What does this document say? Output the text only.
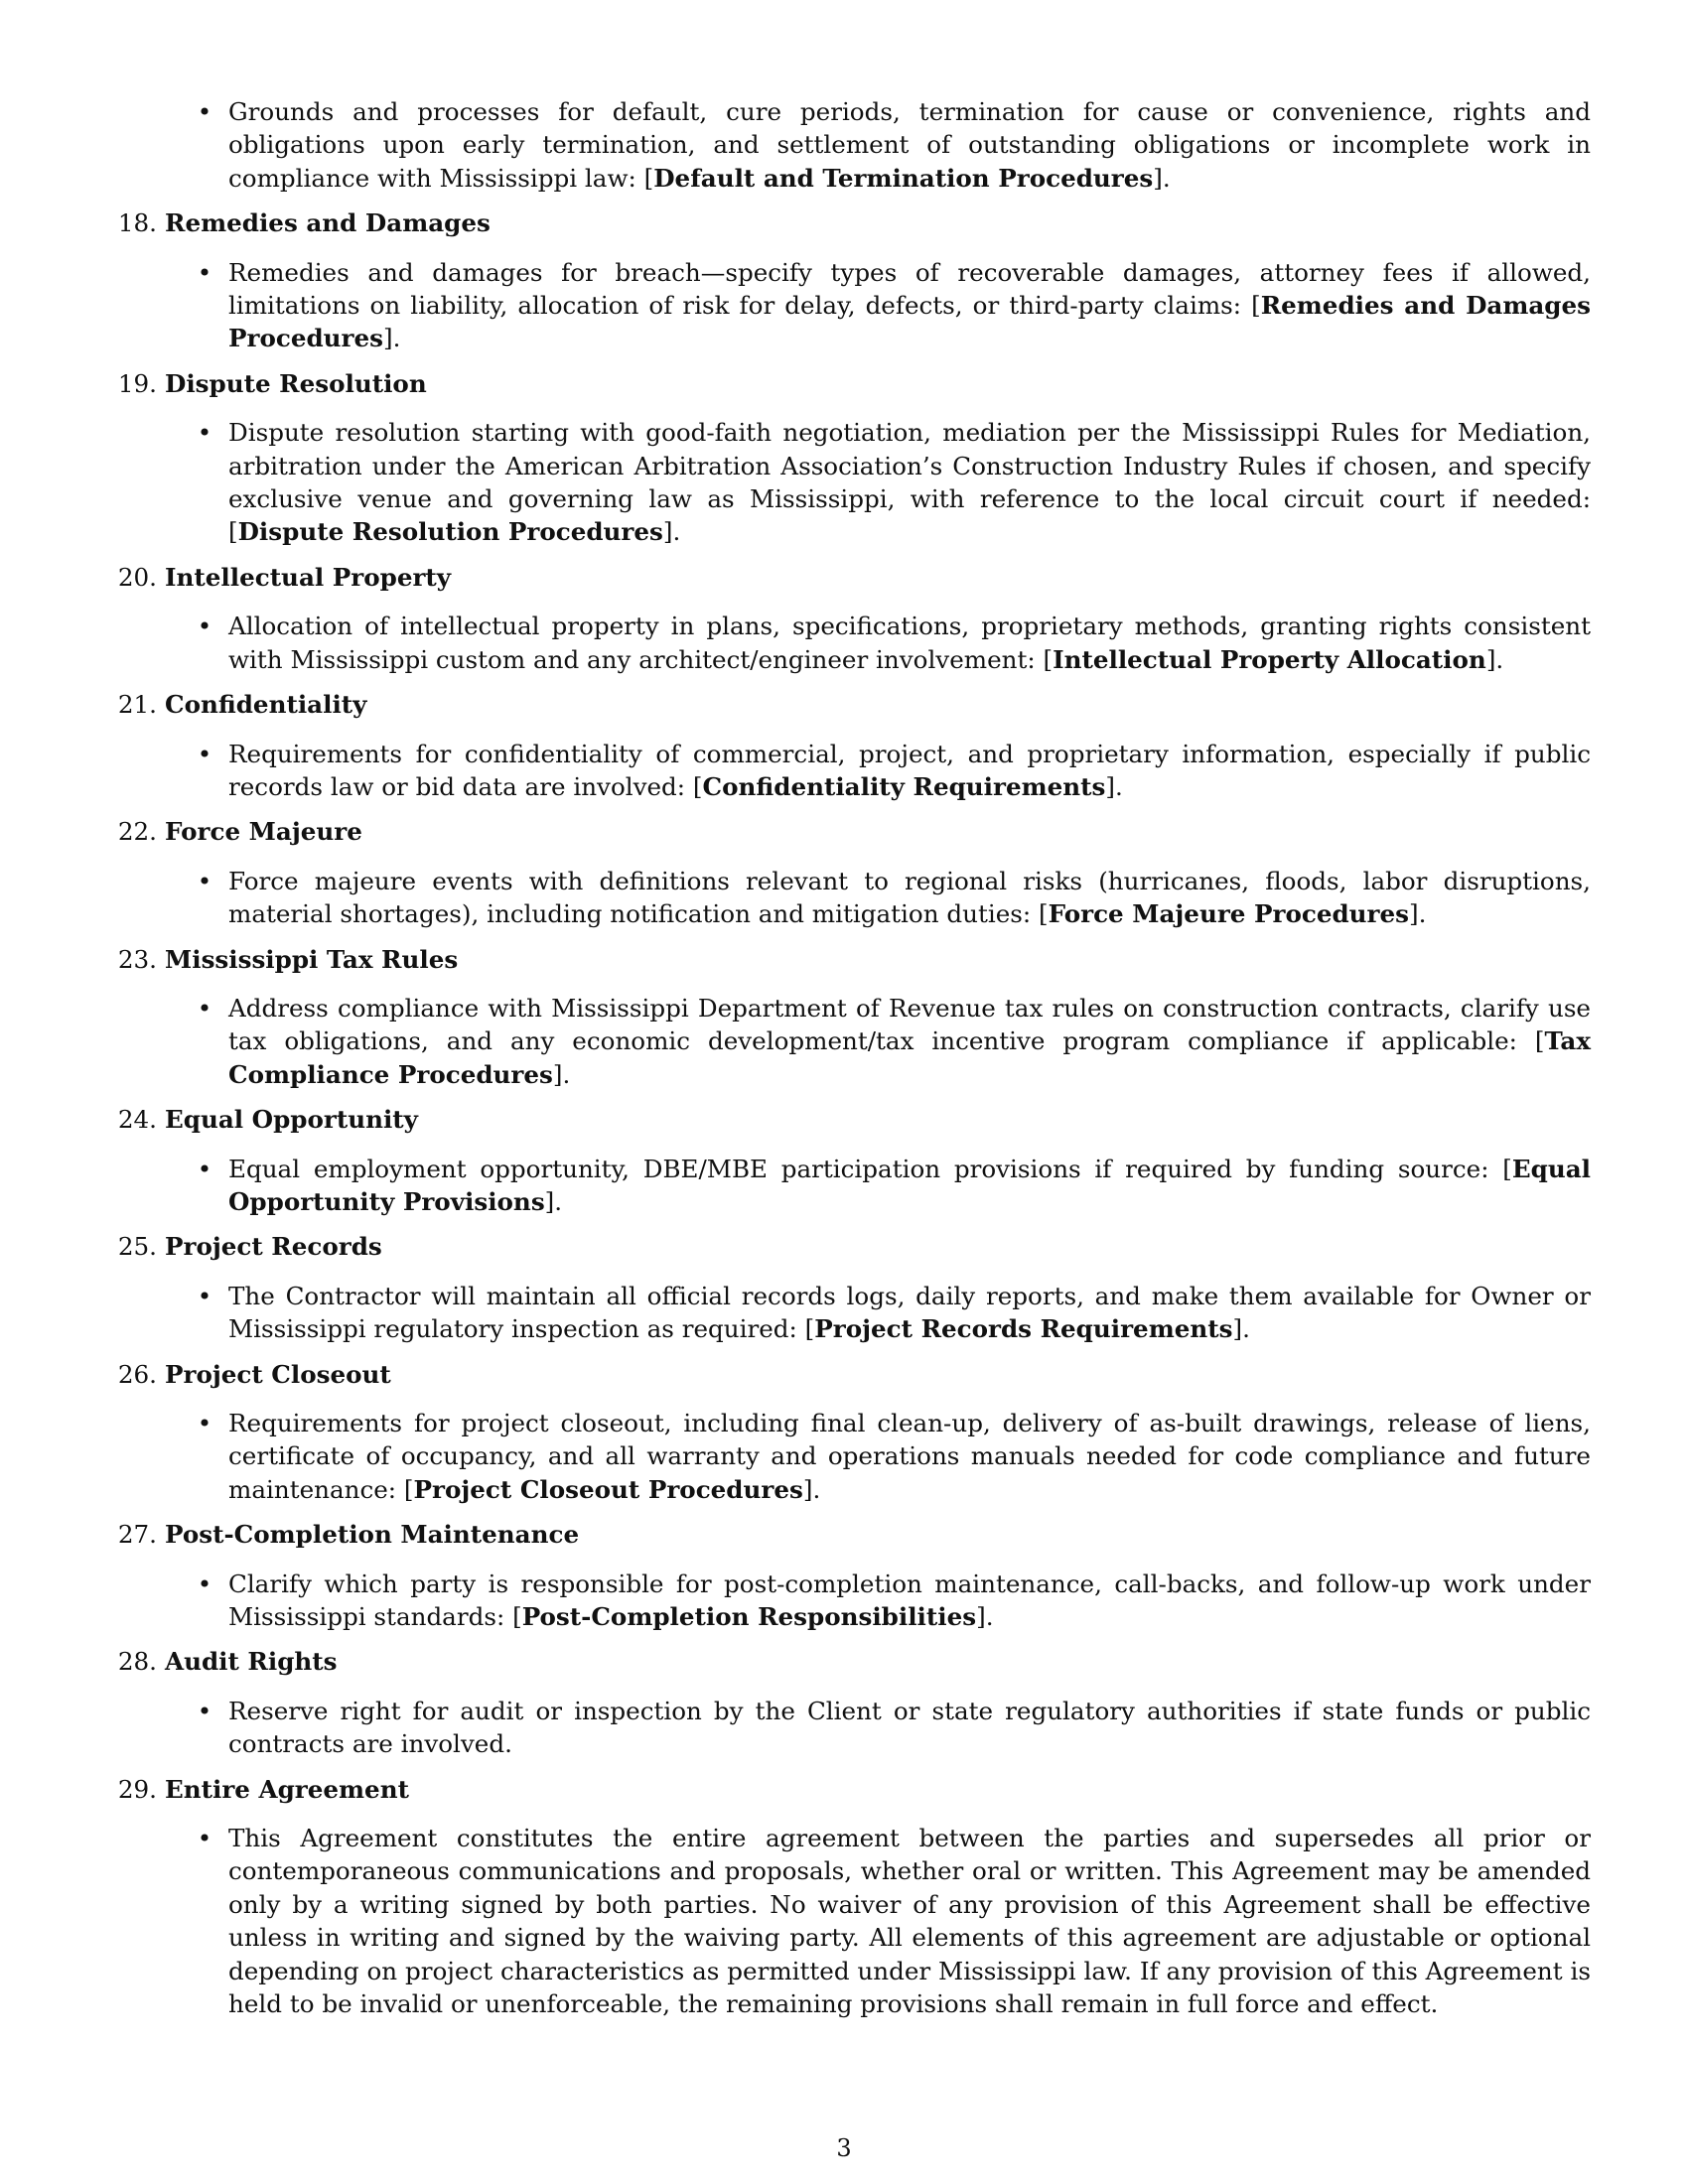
• Grounds and processes for default, cure periods, termination for cause or convenience, rights and obligations upon early termination, and settlement of outstanding obligations or incomplete work in compliance with Mississippi law: [Default and Termination Procedures].
18. Remedies and Damages
• Remedies and damages for breach—specify types of recoverable damages, attorney fees if allowed, limitations on liability, allocation of risk for delay, defects, or third-party claims: [Remedies and Damages Procedures].
19. Dispute Resolution
• Dispute resolution starting with good-faith negotiation, mediation per the Mississippi Rules for Mediation, arbitration under the American Arbitration Association’s Construction Industry Rules if chosen, and specify exclusive venue and governing law as Mississippi, with reference to the local circuit court if needed: [Dispute Resolution Procedures].
20. Intellectual Property
• Allocation of intellectual property in plans, specifications, proprietary methods, granting rights consistent with Mississippi custom and any architect/engineer involvement: [Intellectual Property Allocation].
21. Confidentiality
• Requirements for confidentiality of commercial, project, and proprietary information, especially if public records law or bid data are involved: [Confidentiality Requirements].
22. Force Majeure
• Force majeure events with definitions relevant to regional risks (hurricanes, floods, labor disruptions, material shortages), including notification and mitigation duties: [Force Majeure Procedures].
23. Mississippi Tax Rules
• Address compliance with Mississippi Department of Revenue tax rules on construction contracts, clarify use tax obligations, and any economic development/tax incentive program compliance if applicable: [Tax Compliance Procedures].
24. Equal Opportunity
• Equal employment opportunity, DBE/MBE participation provisions if required by funding source: [Equal Opportunity Provisions].
25. Project Records
• The Contractor will maintain all official records logs, daily reports, and make them available for Owner or Mississippi regulatory inspection as required: [Project Records Requirements].
26. Project Closeout
• Requirements for project closeout, including final clean-up, delivery of as-built drawings, release of liens, certificate of occupancy, and all warranty and operations manuals needed for code compliance and future maintenance: [Project Closeout Procedures].
27. Post-Completion Maintenance
• Clarify which party is responsible for post-completion maintenance, call-backs, and follow-up work under Mississippi standards: [Post-Completion Responsibilities].
28. Audit Rights
• Reserve right for audit or inspection by the Client or state regulatory authorities if state funds or public contracts are involved.
29. Entire Agreement
• This Agreement constitutes the entire agreement between the parties and supersedes all prior or contemporaneous communications and proposals, whether oral or written. This Agreement may be amended only by a writing signed by both parties. No waiver of any provision of this Agreement shall be effective unless in writing and signed by the waiving party. All elements of this agreement are adjustable or optional depending on project characteristics as permitted under Mississippi law. If any provision of this Agreement is held to be invalid or unenforceable, the remaining provisions shall remain in full force and effect.
3
